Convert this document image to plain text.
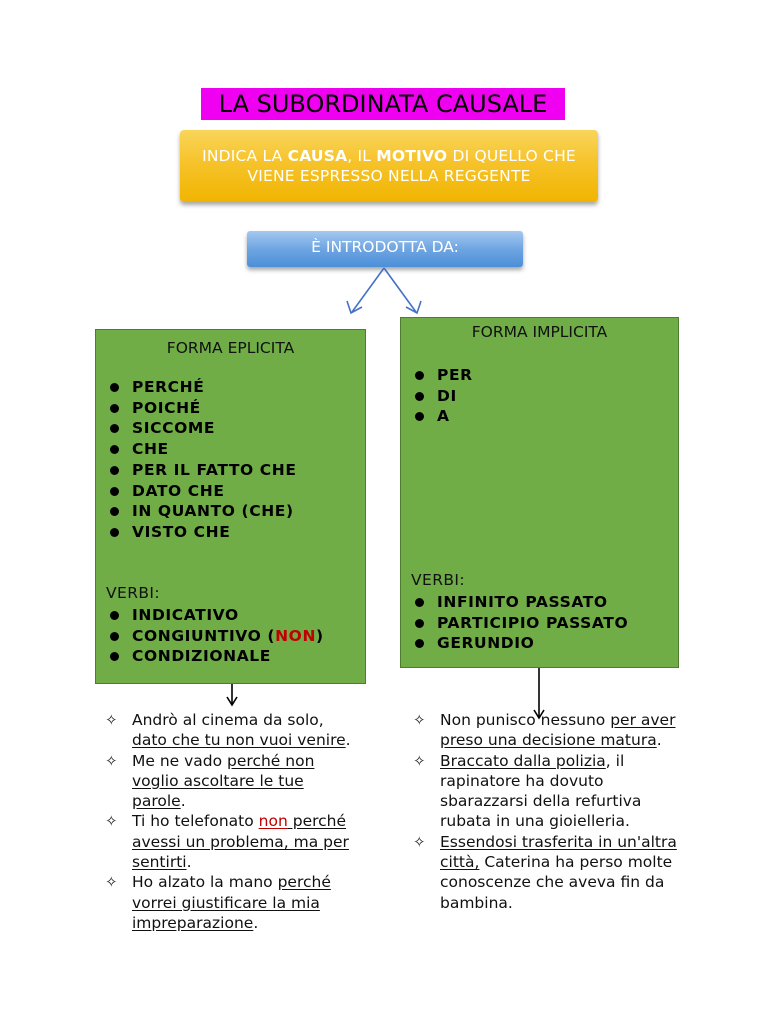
LA SUBORDINATA CAUSALE
INDICA LA CAUSA, IL MOTIVO DI QUELLO CHE VIENE ESPRESSO NELLA REGGENTE
È INTRODOTTA DA:
FORMA EPLICITA
PERCHÉ
POICHÉ
SICCOME
CHE
PER IL FATTO CHE
DATO CHE
IN QUANTO (CHE)
VISTO CHE
VERBI:
INDICATIVO
CONGIUNTIVO (NON)
CONDIZIONALE
FORMA IMPLICITA
PER
DI
A
VERBI:
INFINITO PASSATO
PARTICIPIO PASSATO
GERUNDIO
✧ Andrò al cinema da solo, dato che tu non vuoi venire.
✧ Me ne vado perché non voglio ascoltare le tue parole.
✧ Ti ho telefonato non perché avessi un problema, ma per sentirti.
✧ Ho alzato la mano perché vorrei giustificare la mia impreparazione.
✧ Non punisco nessuno per aver preso una decisione matura.
✧ Braccato dalla polizia, il rapinatore ha dovuto sbarazzarsi della refurtiva rubata in una gioielleria.
✧ Essendosi trasferita in un'altra città, Caterina ha perso molte conoscenze che aveva fin da bambina.
